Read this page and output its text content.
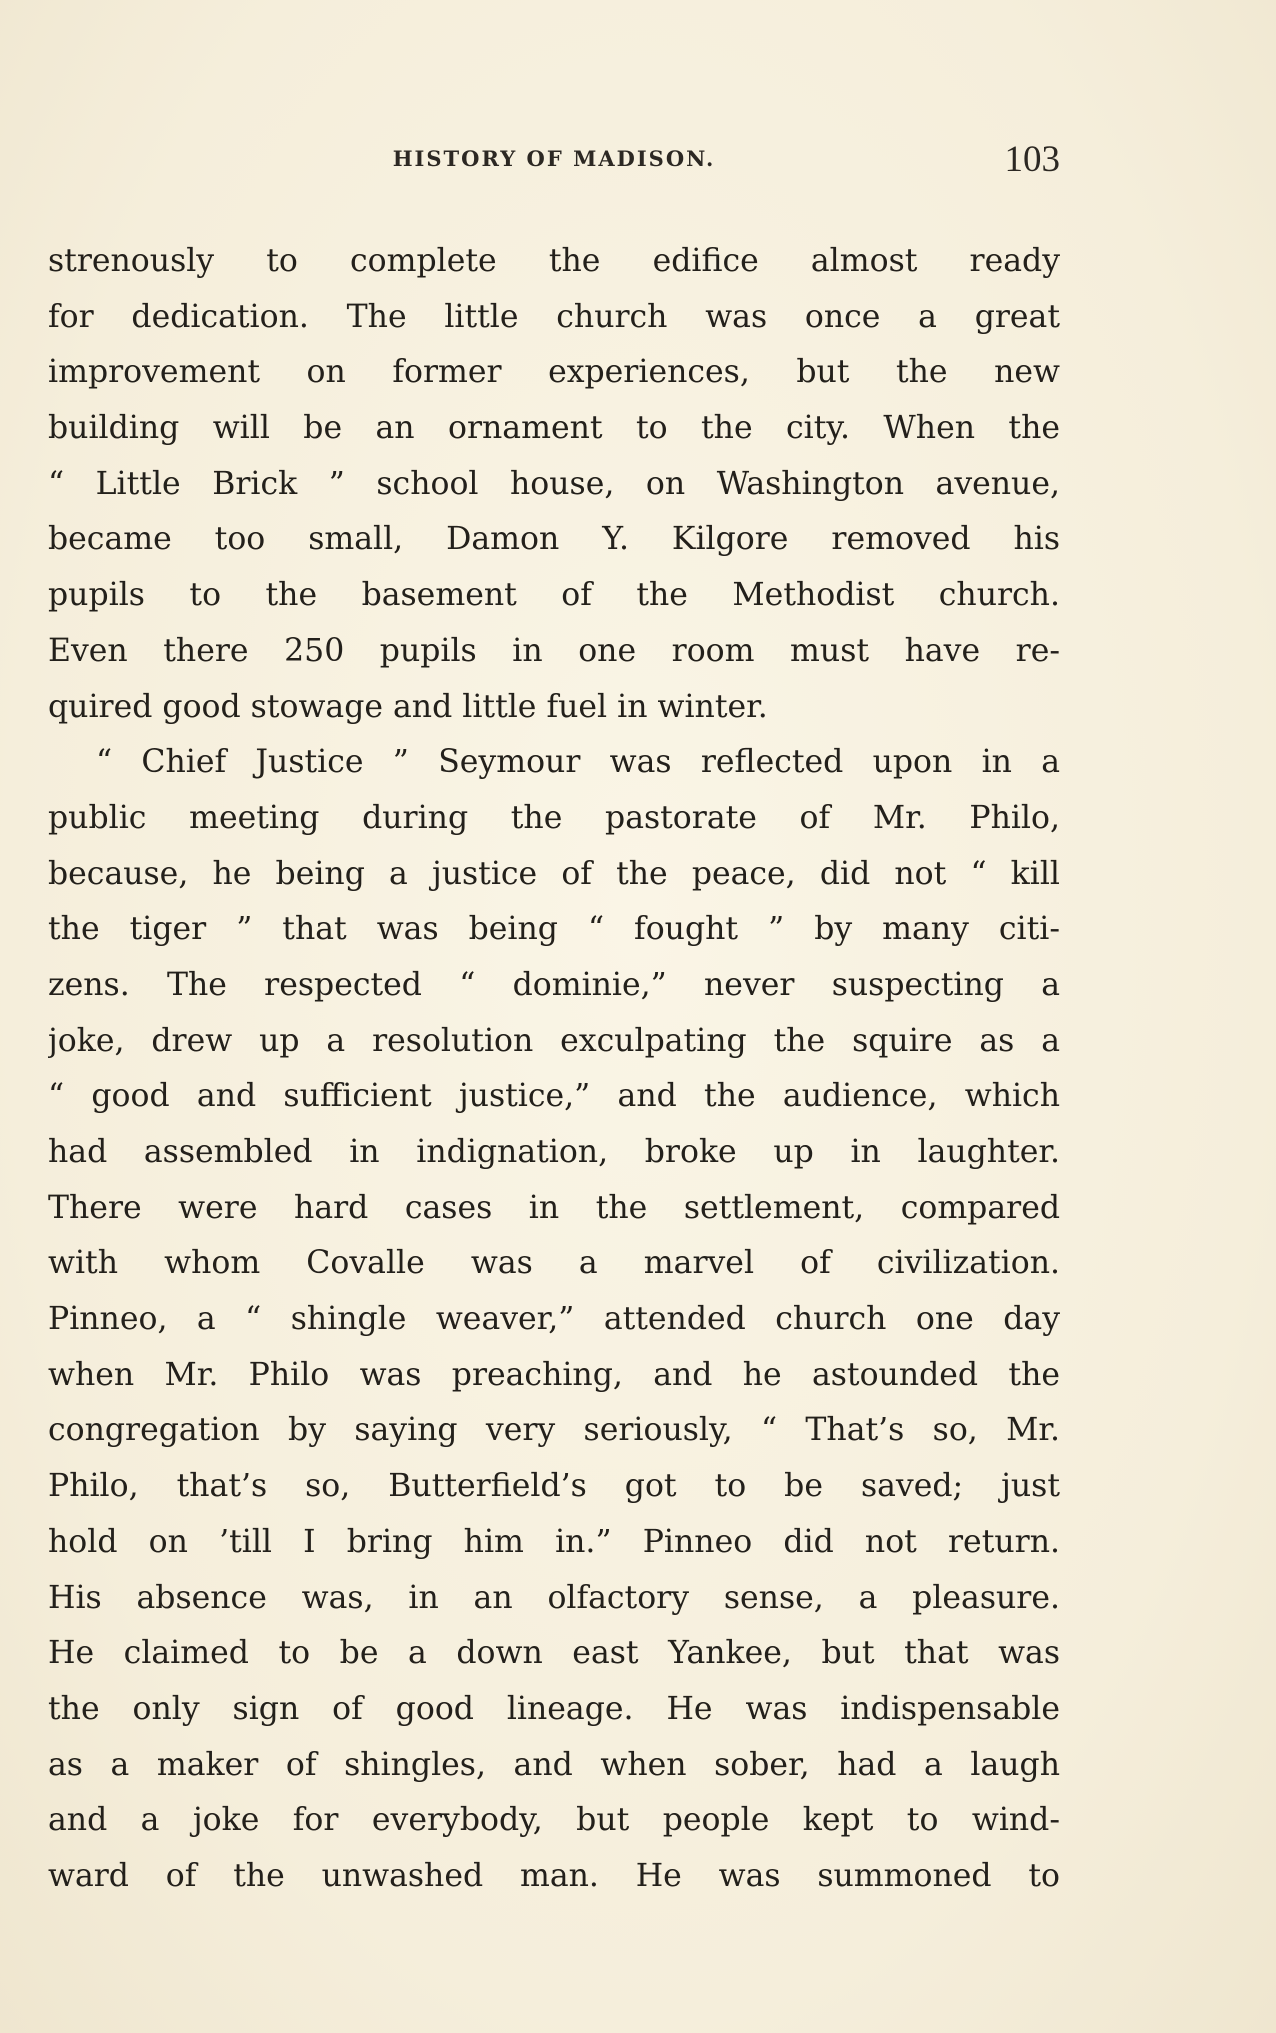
HISTORY OF MADISON.	103
strenously to complete the edifice almost ready
for dedication. The little church was once a great
improvement on former experiences, but the new
building will be an ornament to the city. When the
“ Little Brick ” school house, on Washington avenue,
became too small, Damon Y. Kilgore removed his
pupils to the basement of the Methodist church.
Even there 250 pupils in one room must have re-
quired good stowage and little fuel in winter.
“ Chief Justice ” Seymour was reflected upon in a
public meeting during the pastorate of Mr. Philo,
because, he being a justice of the peace, did not “ kill
the tiger ” that was being “ fought ” by many citi-
zens. The respected “ dominie,” never suspecting a
joke, drew up a resolution exculpating the squire as a
“ good and sufficient justice,” and the audience, which
had assembled in indignation, broke up in laughter.
There were hard cases in the settlement, compared
with whom Covalle was a marvel of civilization.
Pinneo, a “ shingle weaver,” attended church one day
when Mr. Philo was preaching, and he astounded the
congregation by saying very seriously, “ That’s so, Mr.
Philo, that’s so, Butterfield’s got to be saved; just
hold on ’till I bring him in.” Pinneo did not return.
His absence was, in an olfactory sense, a pleasure.
He claimed to be a down east Yankee, but that was
the only sign of good lineage. He was indispensable
as a maker of shingles, and when sober, had a laugh
and a joke for everybody, but people kept to wind-
ward of the unwashed man. He was summoned to
